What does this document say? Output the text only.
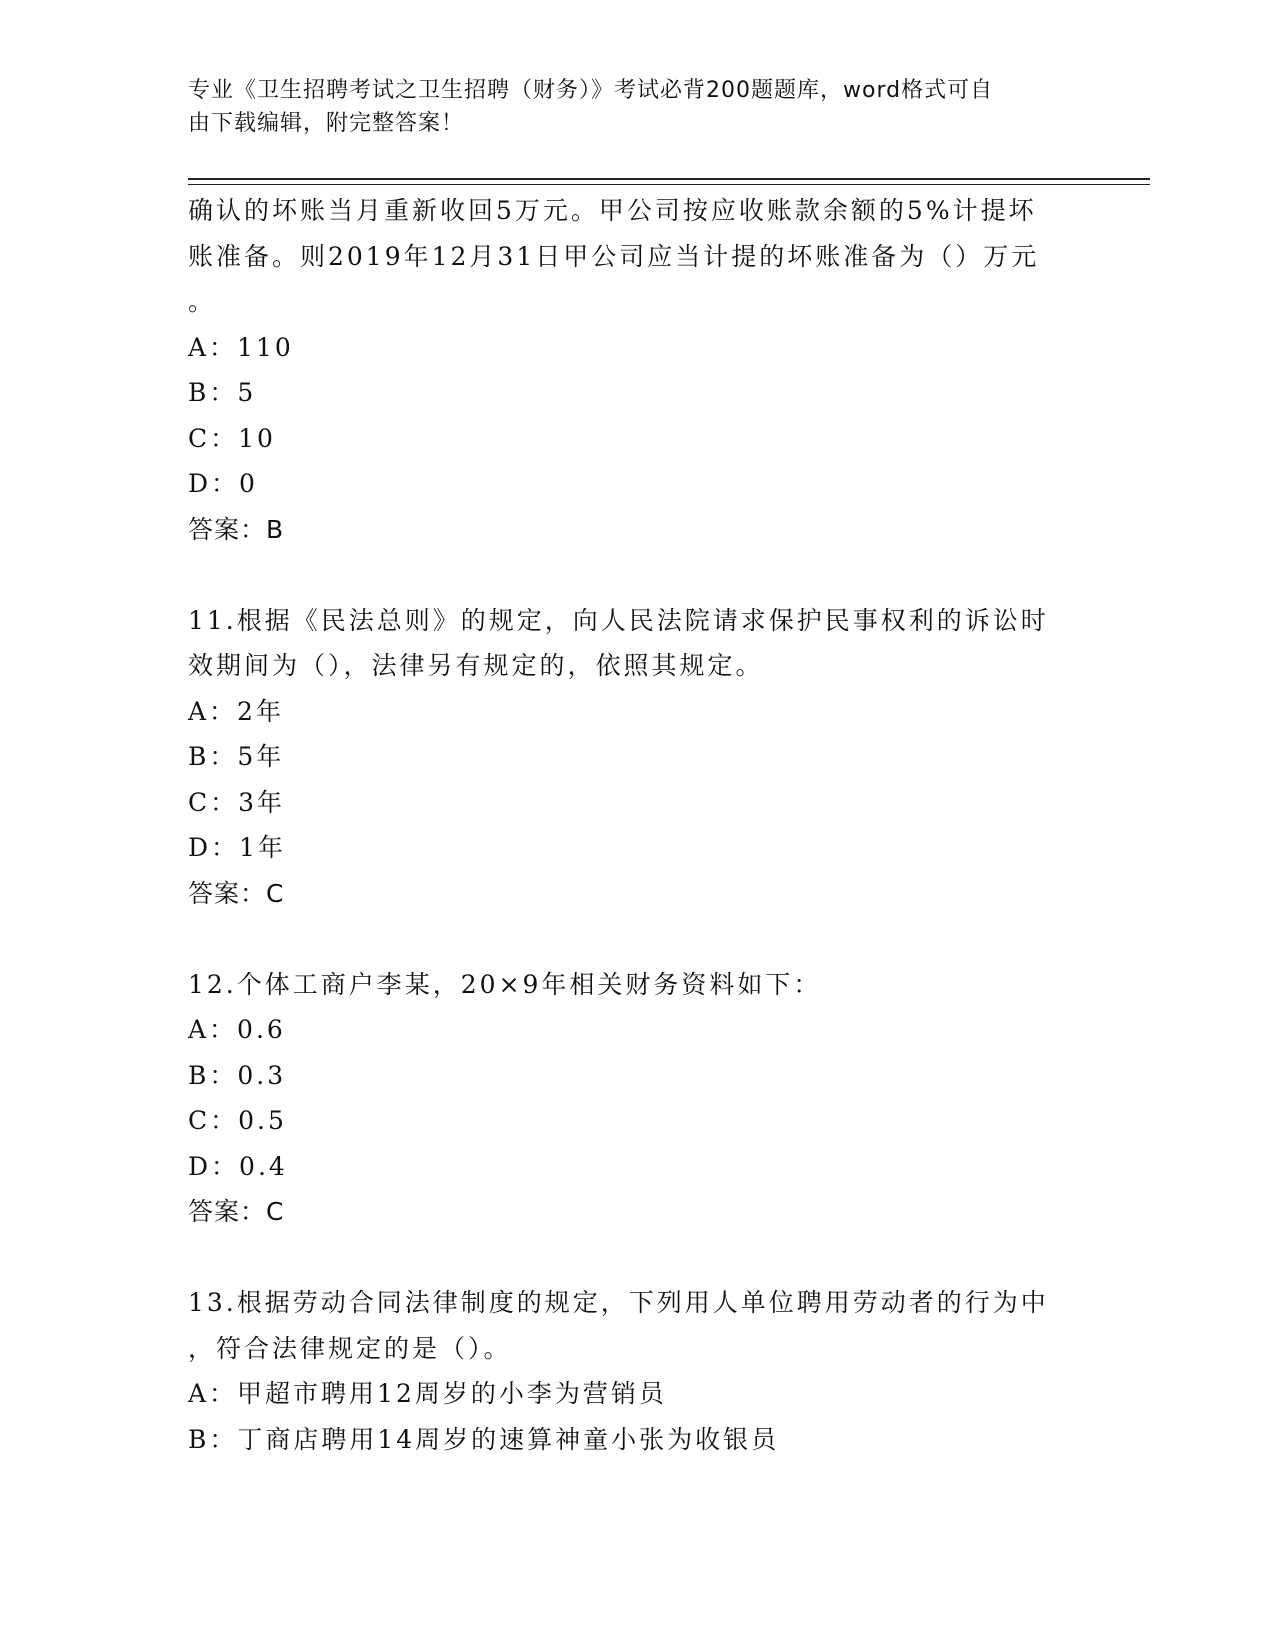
专业《卫生招聘考试之卫生招聘（财务）》考试必背200题题库，word格式可自
由下载编辑，附完整答案！
确认的坏账当月重新收回5万元。甲公司按应收账款余额的5%计提坏
账准备。则2019年12月31日甲公司应当计提的坏账准备为（）万元
。
A：110
B：5
C：10
D：0
答案：B
11.根据《民法总则》的规定，向人民法院请求保护民事权利的诉讼时
效期间为（），法律另有规定的，依照其规定。
A：2年
B：5年
C：3年
D：1年
答案：C
12.个体工商户李某，20×9年相关财务资料如下：
A：0.6
B：0.3
C：0.5
D：0.4
答案：C
13.根据劳动合同法律制度的规定，下列用人单位聘用劳动者的行为中
，符合法律规定的是（）。
A：甲超市聘用12周岁的小李为营销员
B：丁商店聘用14周岁的速算神童小张为收银员
